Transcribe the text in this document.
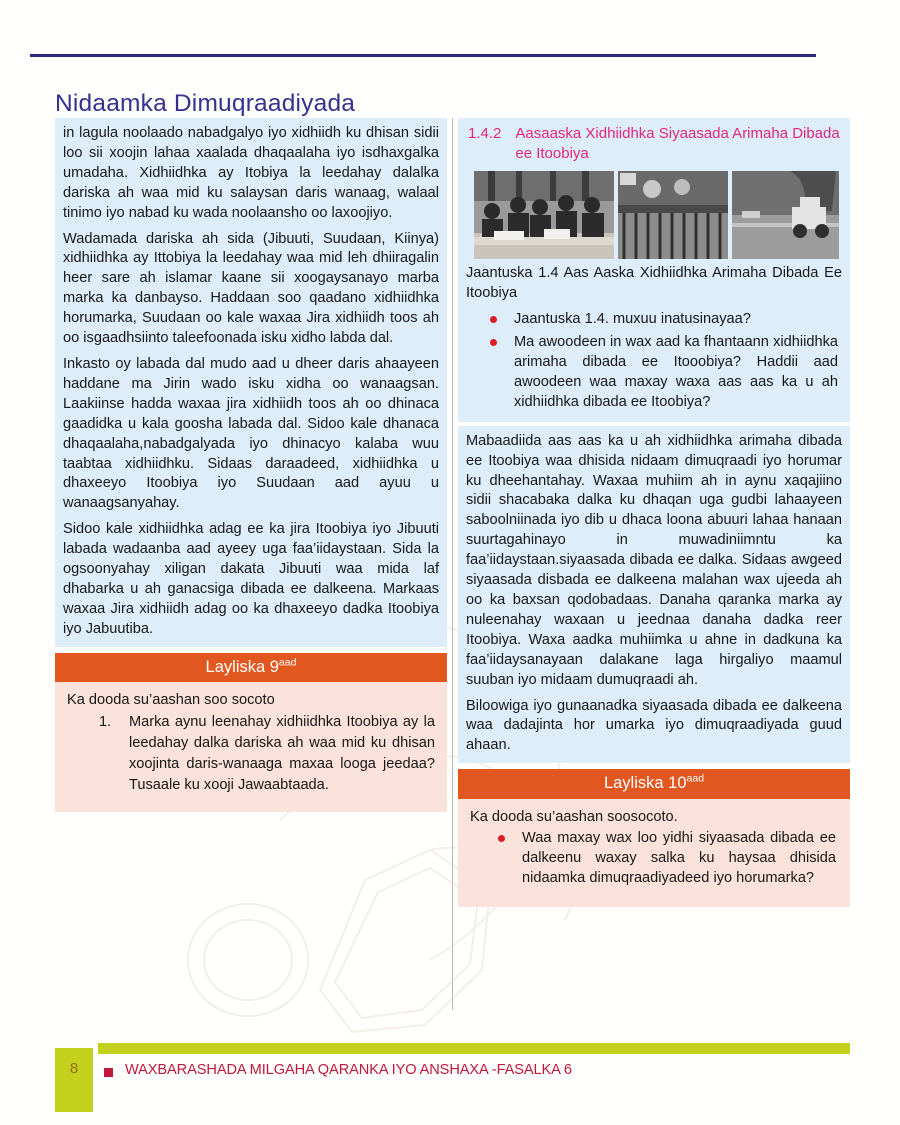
Nidaamka Dimuqraadiyada

in lagula noolaado nabadgalyo iyo xidhiidh ku dhisan sidii loo sii xoojin lahaa xaalada dhaqaalaha iyo isdhaxgalka umadaha. Xidhiidhka ay Itobiya la leedahay dalalka dariska ah waa mid ku salaysan daris wanaag, walaal tinimo iyo nabad ku wada noolaansho oo laxoojiyo.

Wadamada dariska ah sida (Jibuuti, Suudaan, Kiinya) xidhiidhka ay Ittobiya la leedahay waa mid leh dhiiragalin heer sare ah islamar kaane sii xoogaysanayo marba marka ka danbayso. Haddaan soo qaadano xidhiidhka horumarka, Suudaan oo kale waxaa Jira xidhiidh toos ah oo isgaadhsiinto taleefoonada isku xidho labda dal.

Inkasto oy labada dal mudo aad u dheer daris ahaayeen haddane ma Jirin wado isku xidha oo wanaagsan. Laakiinse hadda waxaa jira xidhiidh toos ah oo dhinaca gaadidka u kala goosha labada dal. Sidoo kale dhanaca dhaqaalaha,nabadgalyada iyo dhinacyo kalaba wuu taabtaa xidhiidhku. Sidaas daraadeed, xidhiidhka u dhaxeeyo Itoobiya iyo Suudaan aad ayuu u wanaagsanyahay.

Sidoo kale xidhiidhka adag ee ka jira Itoobiya iyo Jibuuti labada wadaanba aad ayeey uga faa’iidaystaan. Sida la ogsoonyahay xiligan dakata Jibuuti waa mida laf dhabarka u ah ganacsiga dibada ee dalkeena. Markaas waxaa Jira xidhiidh adag oo ka dhaxeeyo dadka Itoobiya iyo Jabuutiba.

Layliska $9^{aad}$

Ka dooda su’aashan soo socoto

1. Marka aynu leenahay xidhiidhka Itoobiya ay la leedahay dalka dariska ah waa mid ku dhisan xoojinta daris-wanaaga maxaa looga jeedaa? Tusaale ku xooji Jawaabtaada.
1.4.2 Aasaaska Xidhiidhka Siyaasada Arimaha Dibada ee Itoobiya

Jaantuska 1.4 Aas Aaska Xidhiidhka Arimaha Dibada Ee Itoobiya

Jaantuska 1.4. muxuu inatusinayaa?
Ma awoodeen in wax aad ka fhantaann xidhiidhka arimaha dibada ee Itooobiya? Haddii aad awoodeen waa maxay waxa aas aas ka u ah xidhiidhka dibada ee Itoobiya?

Mabaadiida aas aas ka u ah xidhiidhka arimaha dibada ee Itoobiya waa dhisida nidaam dimuqraadi iyo horumar ku dheehantahay. Waxaa muhiim ah in aynu xaqajiino sidii shacabaka dalka ku dhaqan uga gudbi lahaayeen saboolniinada iyo dib u dhaca loona abuuri lahaa hanaan suurtagahinayo in muwadiniimntu ka faa’iidaystaan.siyaasada dibada ee dalka. Sidaas awgeed siyaasada disbada ee dalkeena malahan wax ujeeda ah oo ka baxsan qodobadaas. Danaha qaranka marka ay nuleenahay waxaan u jeednaa danaha dadka reer Itoobiya. Waxa aadka muhiimka u ahne in dadkuna ka faa’iidaysanayaan dalakane laga hirgaliyo maamul suuban iyo midaam dumuqraadi ah.

Biloowiga iyo gunaanadka siyaasada dibada ee dalkeena waa dadajinta hor umarka iyo dimuqraadiyada guud ahaan.

Layliska $10^{aad}$

Ka dooda su’aashan soosocoto.

Waa maxay wax loo yidhi siyaasada dibada ee dalkeenu waxay salka ku haysaa dhisida nidaamka dimuqraadiyadeed iyo horumarka?
8	WAXBARASHADA MILGAHA QARANKA IYO ANSHAXA -FASALKA 6
